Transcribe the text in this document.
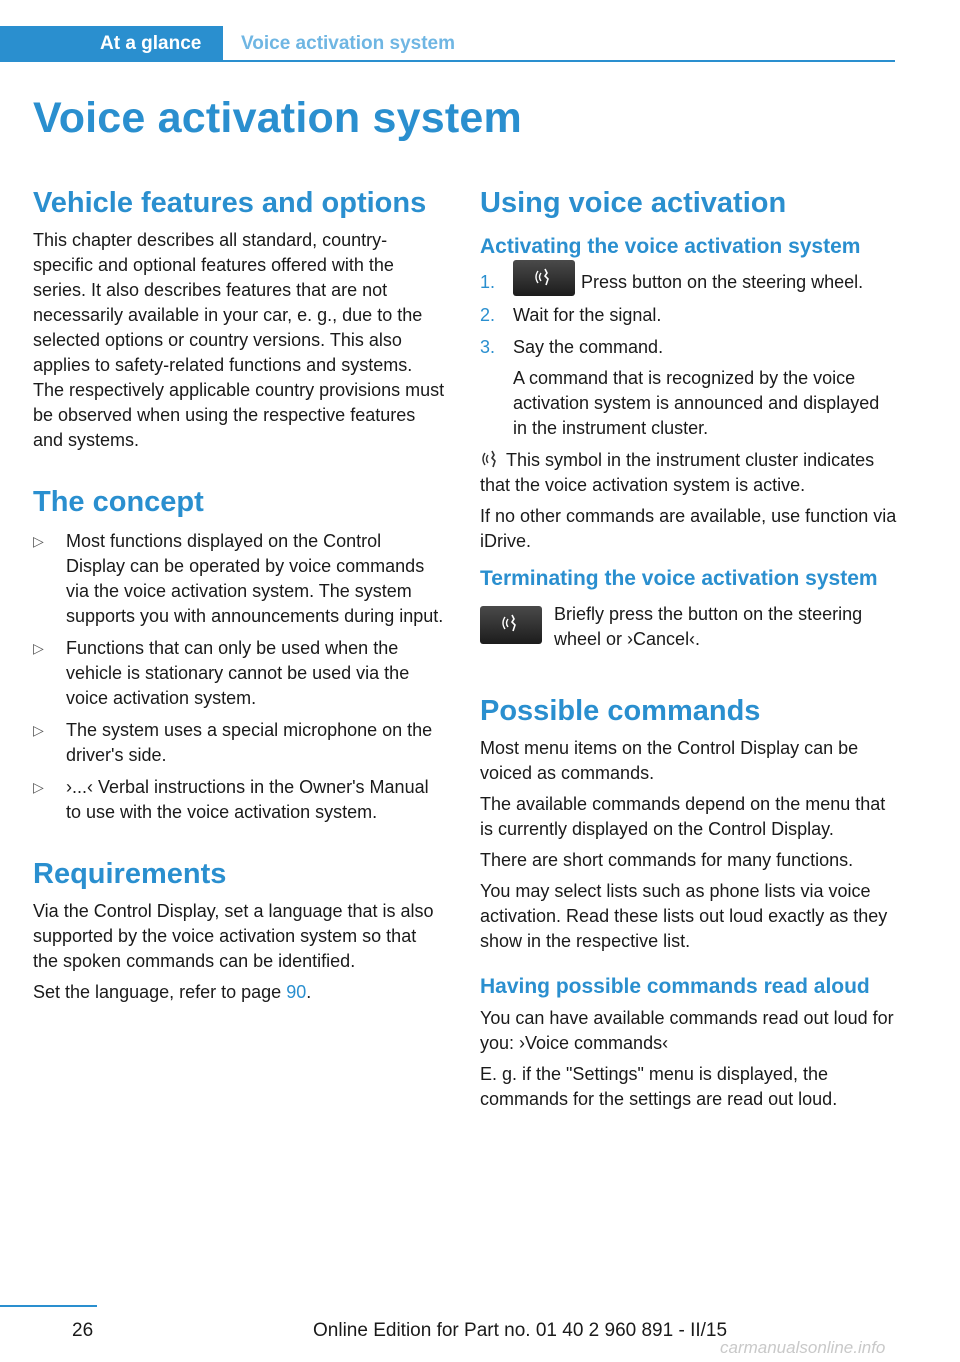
At a glance	Voice activation system
Voice activation system
Vehicle features and options

This chapter describes all standard, country-specific and optional features offered with the series. It also describes features that are not necessarily available in your car, e. g., due to the selected options or country versions. This also applies to safety-related functions and systems. The respectively applicable country provisions must be observed when using the respective features and systems.

The concept
▷ Most functions displayed on the Control Display can be operated by voice commands via the voice activation system. The system supports you with announcements during input.
▷ Functions that can only be used when the vehicle is stationary cannot be used via the voice activation system.
▷ The system uses a special microphone on the driver's side.
▷ ›...‹ Verbal instructions in the Owner's Manual to use with the voice activation system.
Requirements

Via the Control Display, set a language that is also supported by the voice activation system so that the spoken commands can be identified.

Set the language, refer to page 90.

Using voice activation
Activating the voice activation system
1.	Press button on the steering wheel.
2. Wait for the signal.
3. Say the command.
A command that is recognized by the voice activation system is announced and displayed in the instrument cluster.

This symbol in the instrument cluster indicates that the voice activation system is active.

If no other commands are available, use function via iDrive.

Terminating the voice activation system

Briefly press the button on the steering wheel or ›Cancel‹.

Possible commands

Most menu items on the Control Display can be voiced as commands.

The available commands depend on the menu that is currently displayed on the Control Display.

There are short commands for many functions.

You may select lists such as phone lists via voice activation. Read these lists out loud exactly as they show in the respective list.

Having possible commands read aloud

You can have available commands read out loud for you: ›Voice commands‹

E. g. if the "Settings" menu is displayed, the commands for the settings are read out loud.

26	Online Edition for Part no. 01 40 2 960 891 - II/15
carmanualsonline.info
